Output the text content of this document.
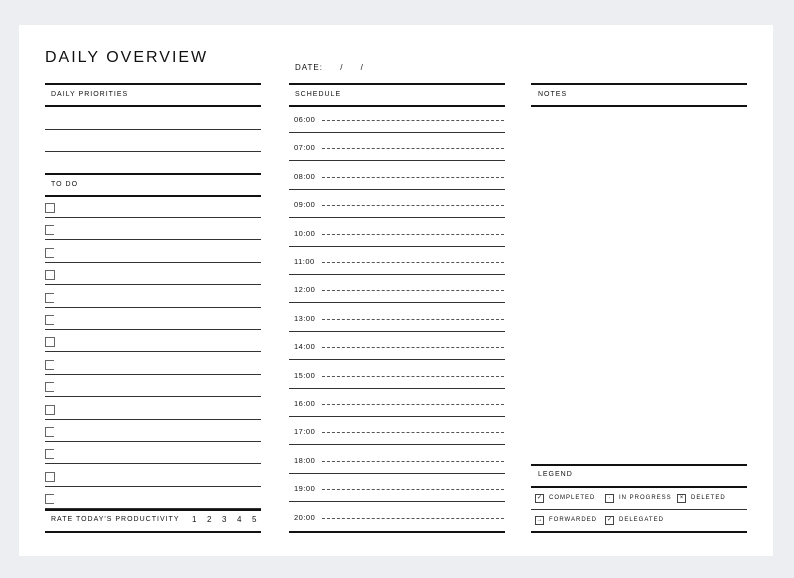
DAILY OVERVIEW
DATE: / /
DAILY PRIORITIES
TO DO
RATE TODAY'S PRODUCTIVITY 1 2 3 4 5
SCHEDULE
06:00
07:00
08:00
09:00
10:00
11:00
12:00
13:00
14:00
15:00
16:00
17:00
18:00
19:00
20:00
NOTES
LEGEND
✓	COMPLETED	·	IN PROGRESS	×	DELETED
→ FORWARDED	✓	DELEGATED
